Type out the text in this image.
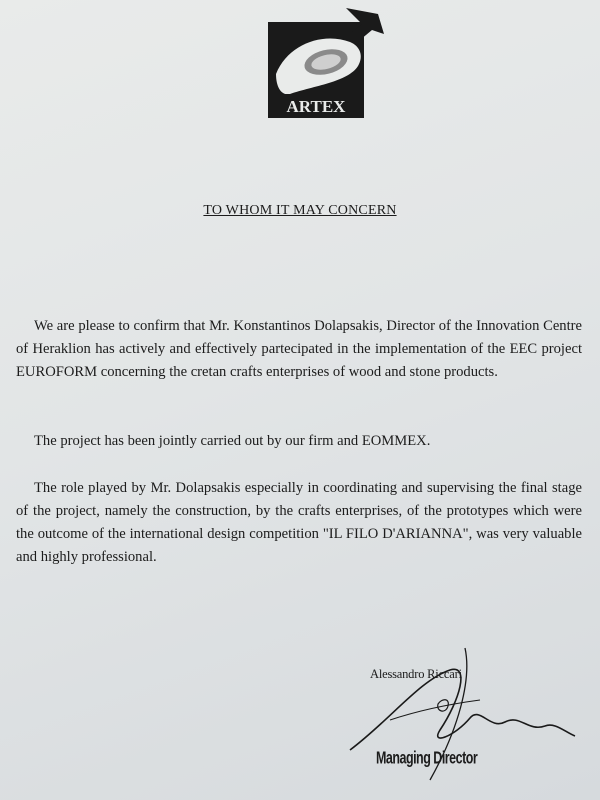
ARTEX
TO WHOM IT MAY CONCERN

We are please to confirm that Mr. Konstantinos Dolapsakis, Director of the Innovation Centre of Heraklion has actively and effectively partecipated in the implementation of the EEC project EUROFORM concerning the cretan crafts enterprises of wood and stone products.

The project has been jointly carried out by our firm and EOMMEX.

The role played by Mr. Dolapsakis especially in coordinating and supervising the final stage of the project, namely the construction, by the crafts enterprises, of the prototypes which were the outcome of the international design competition "IL FILO D'ARIANNA", was very valuable and highly professional.

Alessandro Riccari
Managing Director
